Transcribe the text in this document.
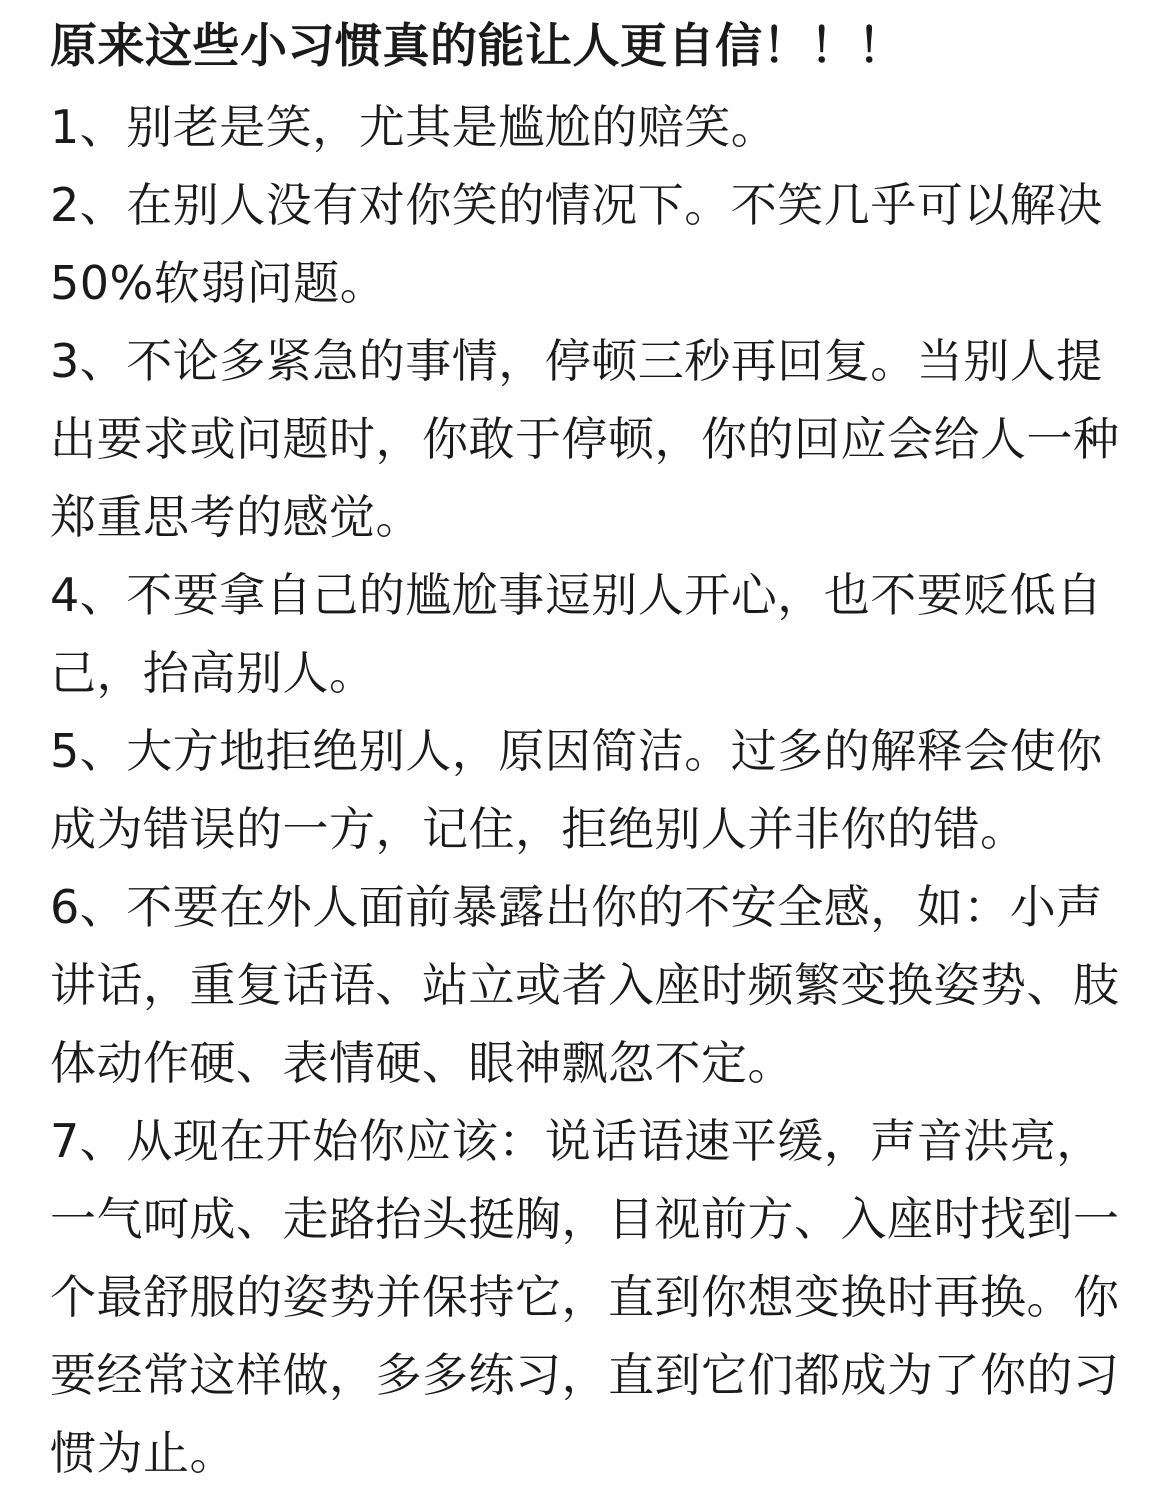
原来这些小习惯真的能让人更自信！！！
1、别老是笑，尤其是尴尬的赔笑。
2、在别人没有对你笑的情况下。不笑几乎可以解决50%软弱问题。
3、不论多紧急的事情，停顿三秒再回复。当别人提出要求或问题时，你敢于停顿，你的回应会给人一种郑重思考的感觉。
4、不要拿自己的尴尬事逗别人开心，也不要贬低自己，抬高别人。
5、大方地拒绝别人，原因简洁。过多的解释会使你成为错误的一方，记住，拒绝别人并非你的错。
6、不要在外人面前暴露出你的不安全感，如：小声讲话，重复话语、站立或者入座时频繁变换姿势、肢体动作硬、表情硬、眼神飘忽不定。
7、从现在开始你应该：说话语速平缓，声音洪亮，一气呵成、走路抬头挺胸，目视前方、入座时找到一个最舒服的姿势并保持它，直到你想变换时再换。你要经常这样做，多多练习，直到它们都成为了你的习惯为止。
